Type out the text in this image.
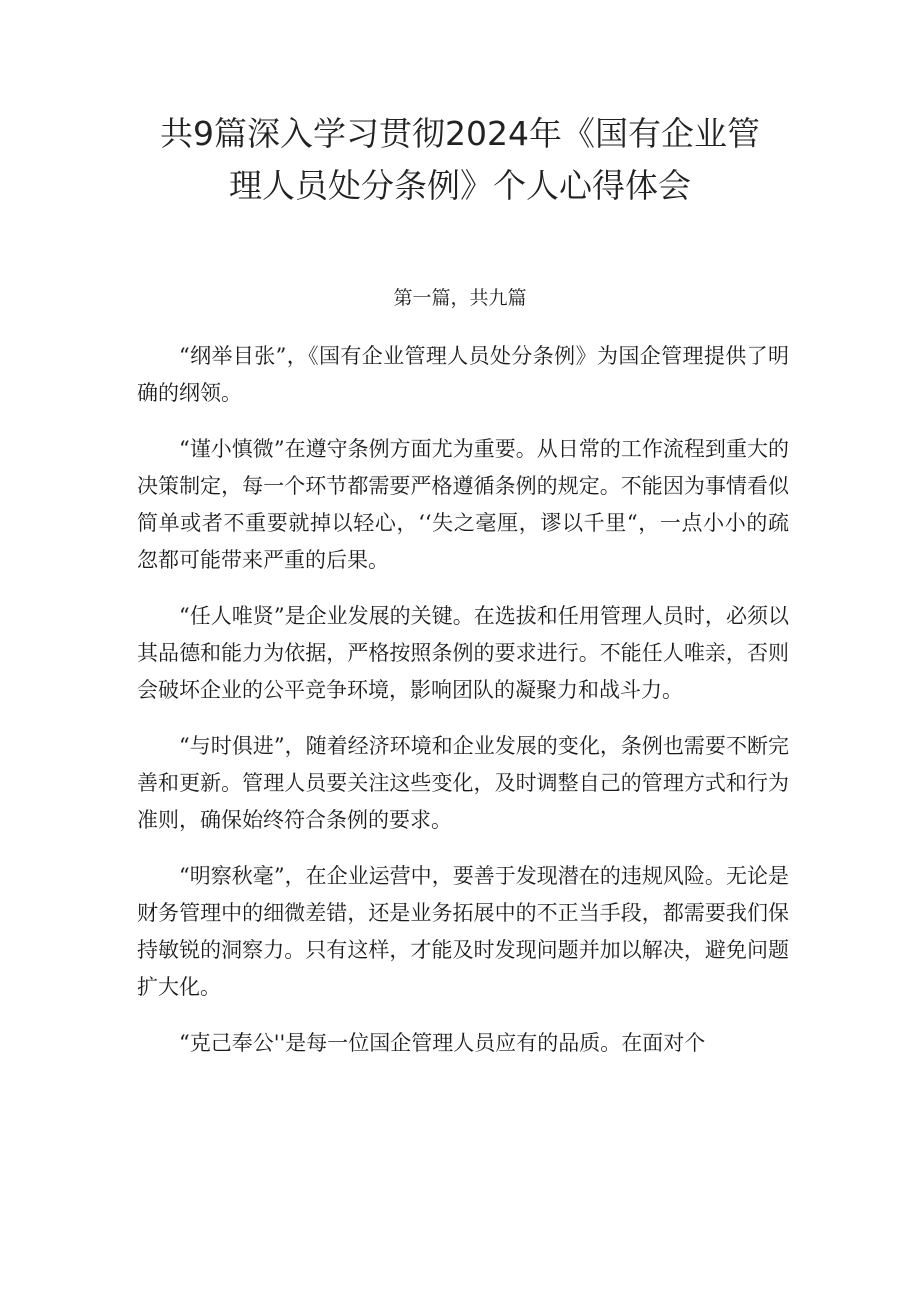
共9篇深入学习贯彻2024年《国有企业管
理人员处分条例》个人心得体会
第一篇，共九篇

“纲举目张”，《国有企业管理人员处分条例》为国企管理提供了明确的纲领。

“谨小慎微”在遵守条例方面尤为重要。从日常的工作流程到重大的决策制定，每一个环节都需要严格遵循条例的规定。不能因为事情看似简单或者不重要就掉以轻心，‘‘失之毫厘，谬以千里“，一点小小的疏忽都可能带来严重的后果。

“任人唯贤”是企业发展的关键。在选拔和任用管理人员时，必须以其品德和能力为依据，严格按照条例的要求进行。不能任人唯亲，否则会破坏企业的公平竞争环境，影响团队的凝聚力和战斗力。

“与时俱进”，随着经济环境和企业发展的变化，条例也需要不断完善和更新。管理人员要关注这些变化，及时调整自己的管理方式和行为准则，确保始终符合条例的要求。

“明察秋毫”，在企业运营中，要善于发现潜在的违规风险。无论是财务管理中的细微差错，还是业务拓展中的不正当手段，都需要我们保持敏锐的洞察力。只有这样，才能及时发现问题并加以解决，避免问题扩大化。

“克己奉公''是每一位国企管理人员应有的品质。在面对个
